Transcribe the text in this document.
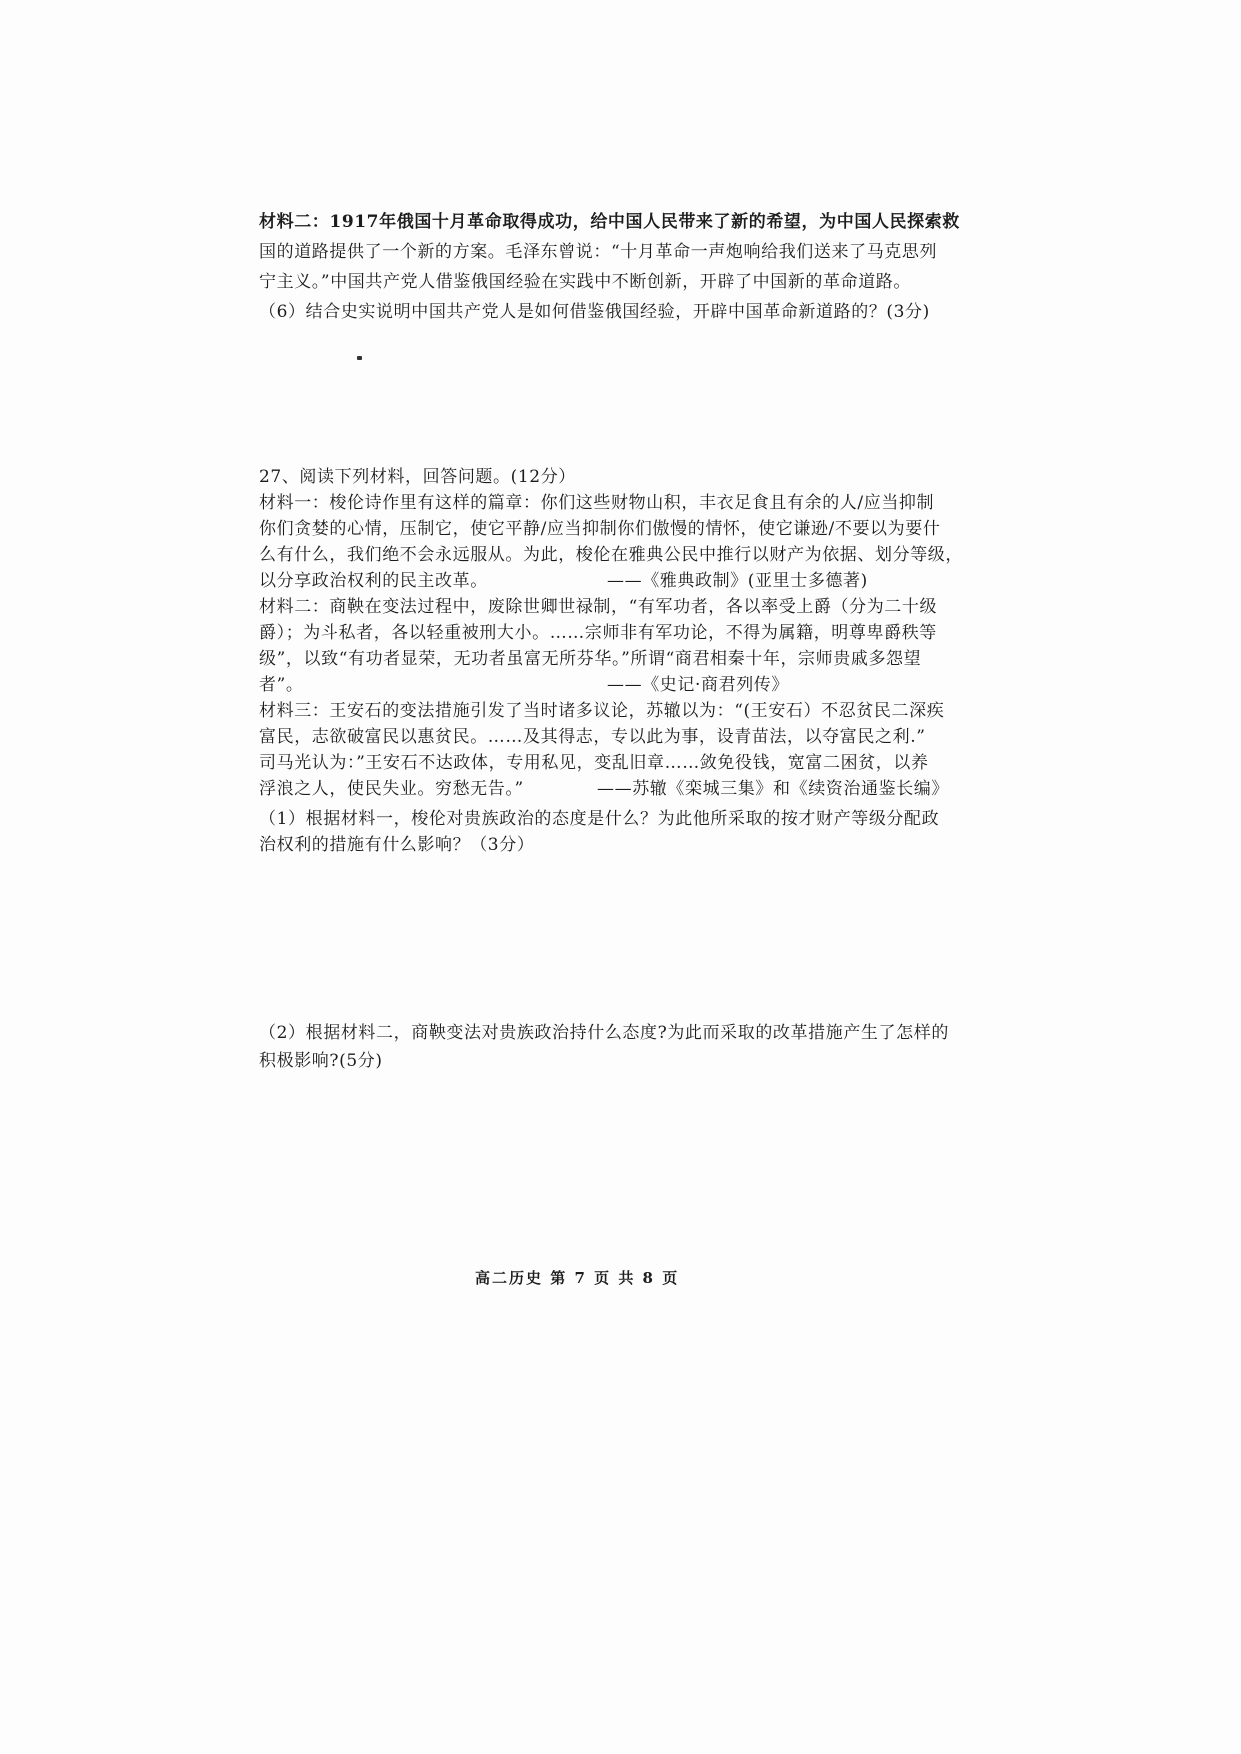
材料二：1917年俄国十月革命取得成功，给中国人民带来了新的希望，为中国人民探索救
国的道路提供了一个新的方案。毛泽东曾说：“十月革命一声炮响给我们送来了马克思列
宁主义。”中国共产党人借鉴俄国经验在实践中不断创新，开辟了中国新的革命道路。
（6）结合史实说明中国共产党人是如何借鉴俄国经验，开辟中国革命新道路的？(3分)
27、阅读下列材料，回答问题。(12分）
材料一：梭伦诗作里有这样的篇章：你们这些财物山积，丰衣足食且有余的人/应当抑制
你们贪婪的心情，压制它，使它平静/应当抑制你们傲慢的情怀，使它谦逊/不要以为要什
么有什么，我们绝不会永远服从。为此，梭伦在雅典公民中推行以财产为依据、划分等级，
以分享政治权利的民主改革。	——《雅典政制》(亚里士多德著)
材料二：商鞅在变法过程中，废除世卿世禄制，“有军功者，各以率受上爵（分为二十级
爵）；为斗私者，各以轻重被刑大小。……宗师非有军功论，不得为属籍，明尊卑爵秩等
级”，以致“有功者显荣，无功者虽富无所芬华。”所谓“商君相秦十年，宗师贵戚多怨望
者”。	——《史记·商君列传》
材料三：王安石的变法措施引发了当时诸多议论，苏辙以为：“(王安石）不忍贫民二深疾
富民，志欲破富民以惠贫民。……及其得志，专以此为事，设青苗法，以夺富民之利.”
司马光认为：”王安石不达政体，专用私见，变乱旧章……敛免役钱，宽富二困贫，以养
浮浪之人，使民失业。穷愁无告。”	——苏辙《栾城三集》和《续资治通鉴长编》
（1）根据材料一，梭伦对贵族政治的态度是什么？为此他所采取的按才财产等级分配政
治权利的措施有什么影响？（3分）
（2）根据材料二，商鞅变法对贵族政治持什么态度?为此而采取的改革措施产生了怎样的
积极影响?(5分)
高二历史 第 7 页 共 8 页
